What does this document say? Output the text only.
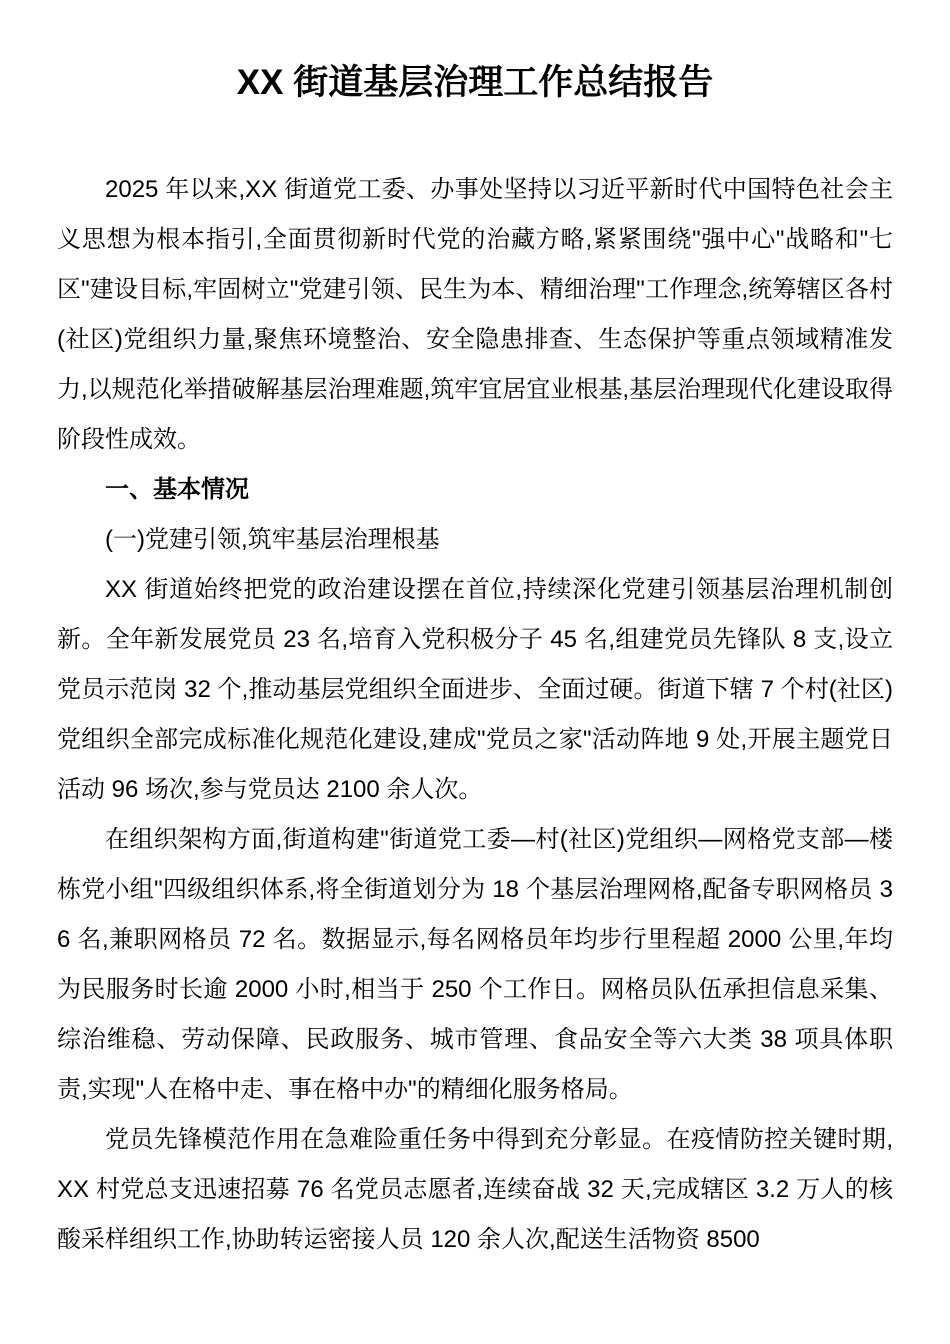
XX 街道基层治理工作总结报告

2025 年以来,XX 街道党工委、办事处坚持以习近平新时代中国特色社会主义思想为根本指引,全面贯彻新时代党的治藏方略,紧紧围绕"强中心"战略和"七区"建设目标,牢固树立"党建引领、民生为本、精细治理"工作理念,统筹辖区各村(社区)党组织力量,聚焦环境整治、安全隐患排查、生态保护等重点领域精准发力,以规范化举措破解基层治理难题,筑牢宜居宜业根基,基层治理现代化建设取得阶段性成效。

一、基本情况
(一)党建引领,筑牢基层治理根基

XX 街道始终把党的政治建设摆在首位,持续深化党建引领基层治理机制创新。全年新发展党员 23 名,培育入党积极分子 45 名,组建党员先锋队 8 支,设立党员示范岗 32 个,推动基层党组织全面进步、全面过硬。街道下辖 7 个村(社区)党组织全部完成标准化规范化建设,建成"党员之家"活动阵地 9 处,开展主题党日活动 96 场次,参与党员达 2100 余人次。

在组织架构方面,街道构建"街道党工委—村(社区)党组织—网格党支部—楼栋党小组"四级组织体系,将全街道划分为 18 个基层治理网格,配备专职网格员 36 名,兼职网格员 72 名。数据显示,每名网格员年均步行里程超 2000 公里,年均为民服务时长逾 2000 小时,相当于 250 个工作日。网格员队伍承担信息采集、综治维稳、劳动保障、民政服务、城市管理、食品安全等六大类 38 项具体职责,实现"人在格中走、事在格中办"的精细化服务格局。

党员先锋模范作用在急难险重任务中得到充分彰显。在疫情防控关键时期,XX 村党总支迅速招募 76 名党员志愿者,连续奋战 32 天,完成辖区 3.2 万人的核酸采样组织工作,协助转运密接人员 120 余人次,配送生活物资 8500
